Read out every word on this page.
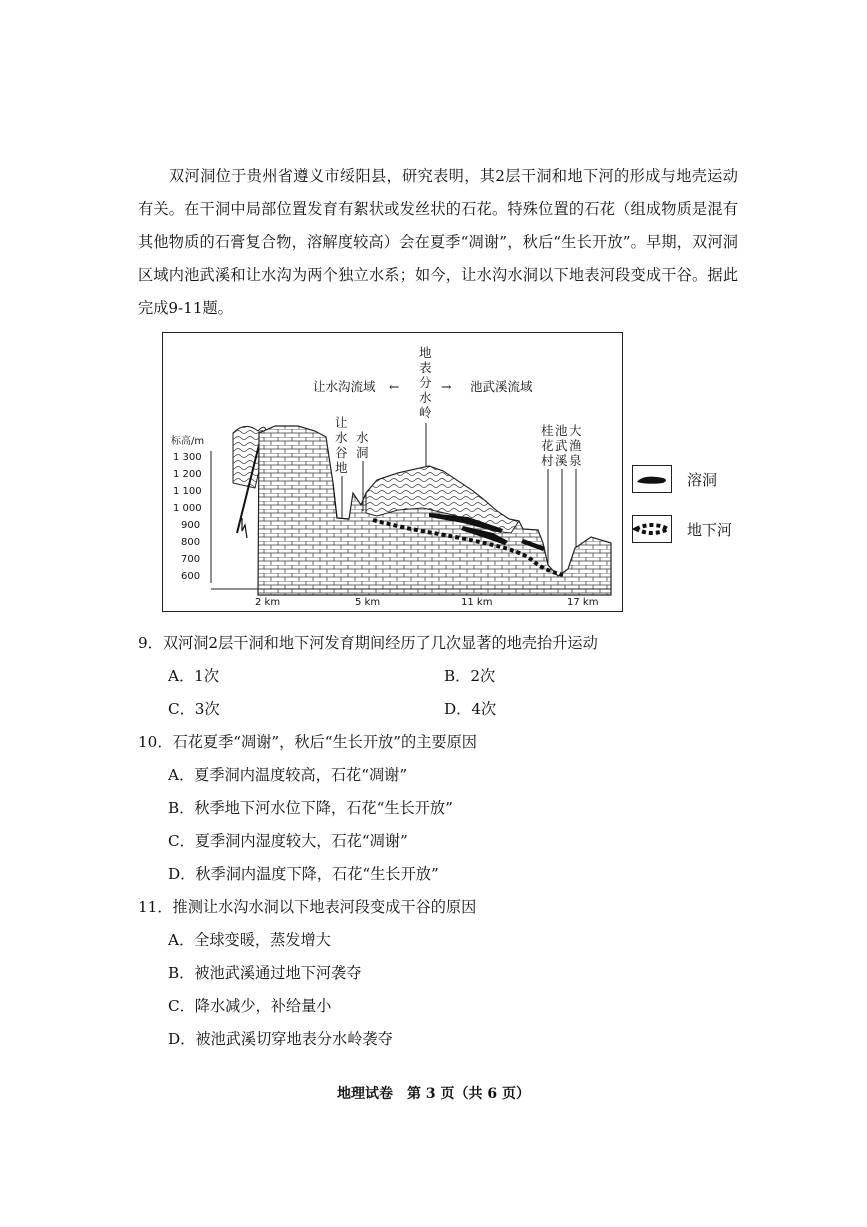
双河洞位于贵州省遵义市绥阳县，研究表明，其2层干洞和地下河的形成与地壳运动有关。在干洞中局部位置发育有絮状或发丝状的石花。特殊位置的石花（组成物质是混有其他物质的石膏复合物，溶解度较高）会在夏季“凋谢”，秋后“生长开放”。早期，双河洞区域内池武溪和让水沟为两个独立水系；如今，让水沟水洞以下地表河段变成干谷。据此完成9-11题。

标高/m
1 300
1 200
1 100
1 000
900
800
700
600
2 km	5 km	11 km	17 km
地
表
分
水
岭
让水沟流域 ←	→ 池武溪流域
让
水
谷
地
水
洞
桂
花
村
池
武
溪
大
渔
泉
溶洞
地下河
9．双河洞2层干洞和地下河发育期间经历了几次显著的地壳抬升运动
A．1次	B．2次
C．3次	D．4次
10．石花夏季“凋谢”，秋后“生长开放”的主要原因
A．夏季洞内温度较高，石花“凋谢”
B．秋季地下河水位下降，石花“生长开放”
C．夏季洞内湿度较大，石花“凋谢”
D．秋季洞内温度下降，石花“生长开放”
11．推测让水沟水洞以下地表河段变成干谷的原因
A．全球变暖，蒸发增大
B．被池武溪通过地下河袭夺
C．降水减少，补给量小
D．被池武溪切穿地表分水岭袭夺
地理试卷　第 3 页（共 6 页）
